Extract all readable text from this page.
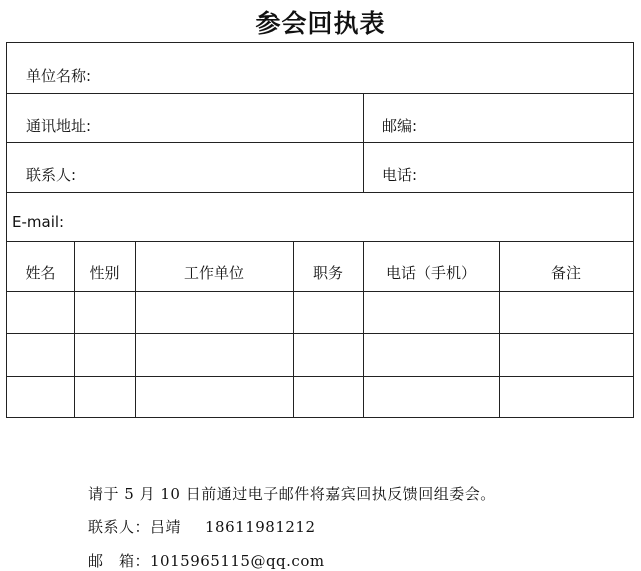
参会回执表
单位名称:
通讯地址:	邮编:
联系人:	电话:
E-mail:
姓名	性别	工作单位	职务	电话（手机）	备注
请于 5 月 10 日前通过电子邮件将嘉宾回执反馈回组委会。
联系人：吕靖 18611981212
邮　箱：1015965115@qq.com
